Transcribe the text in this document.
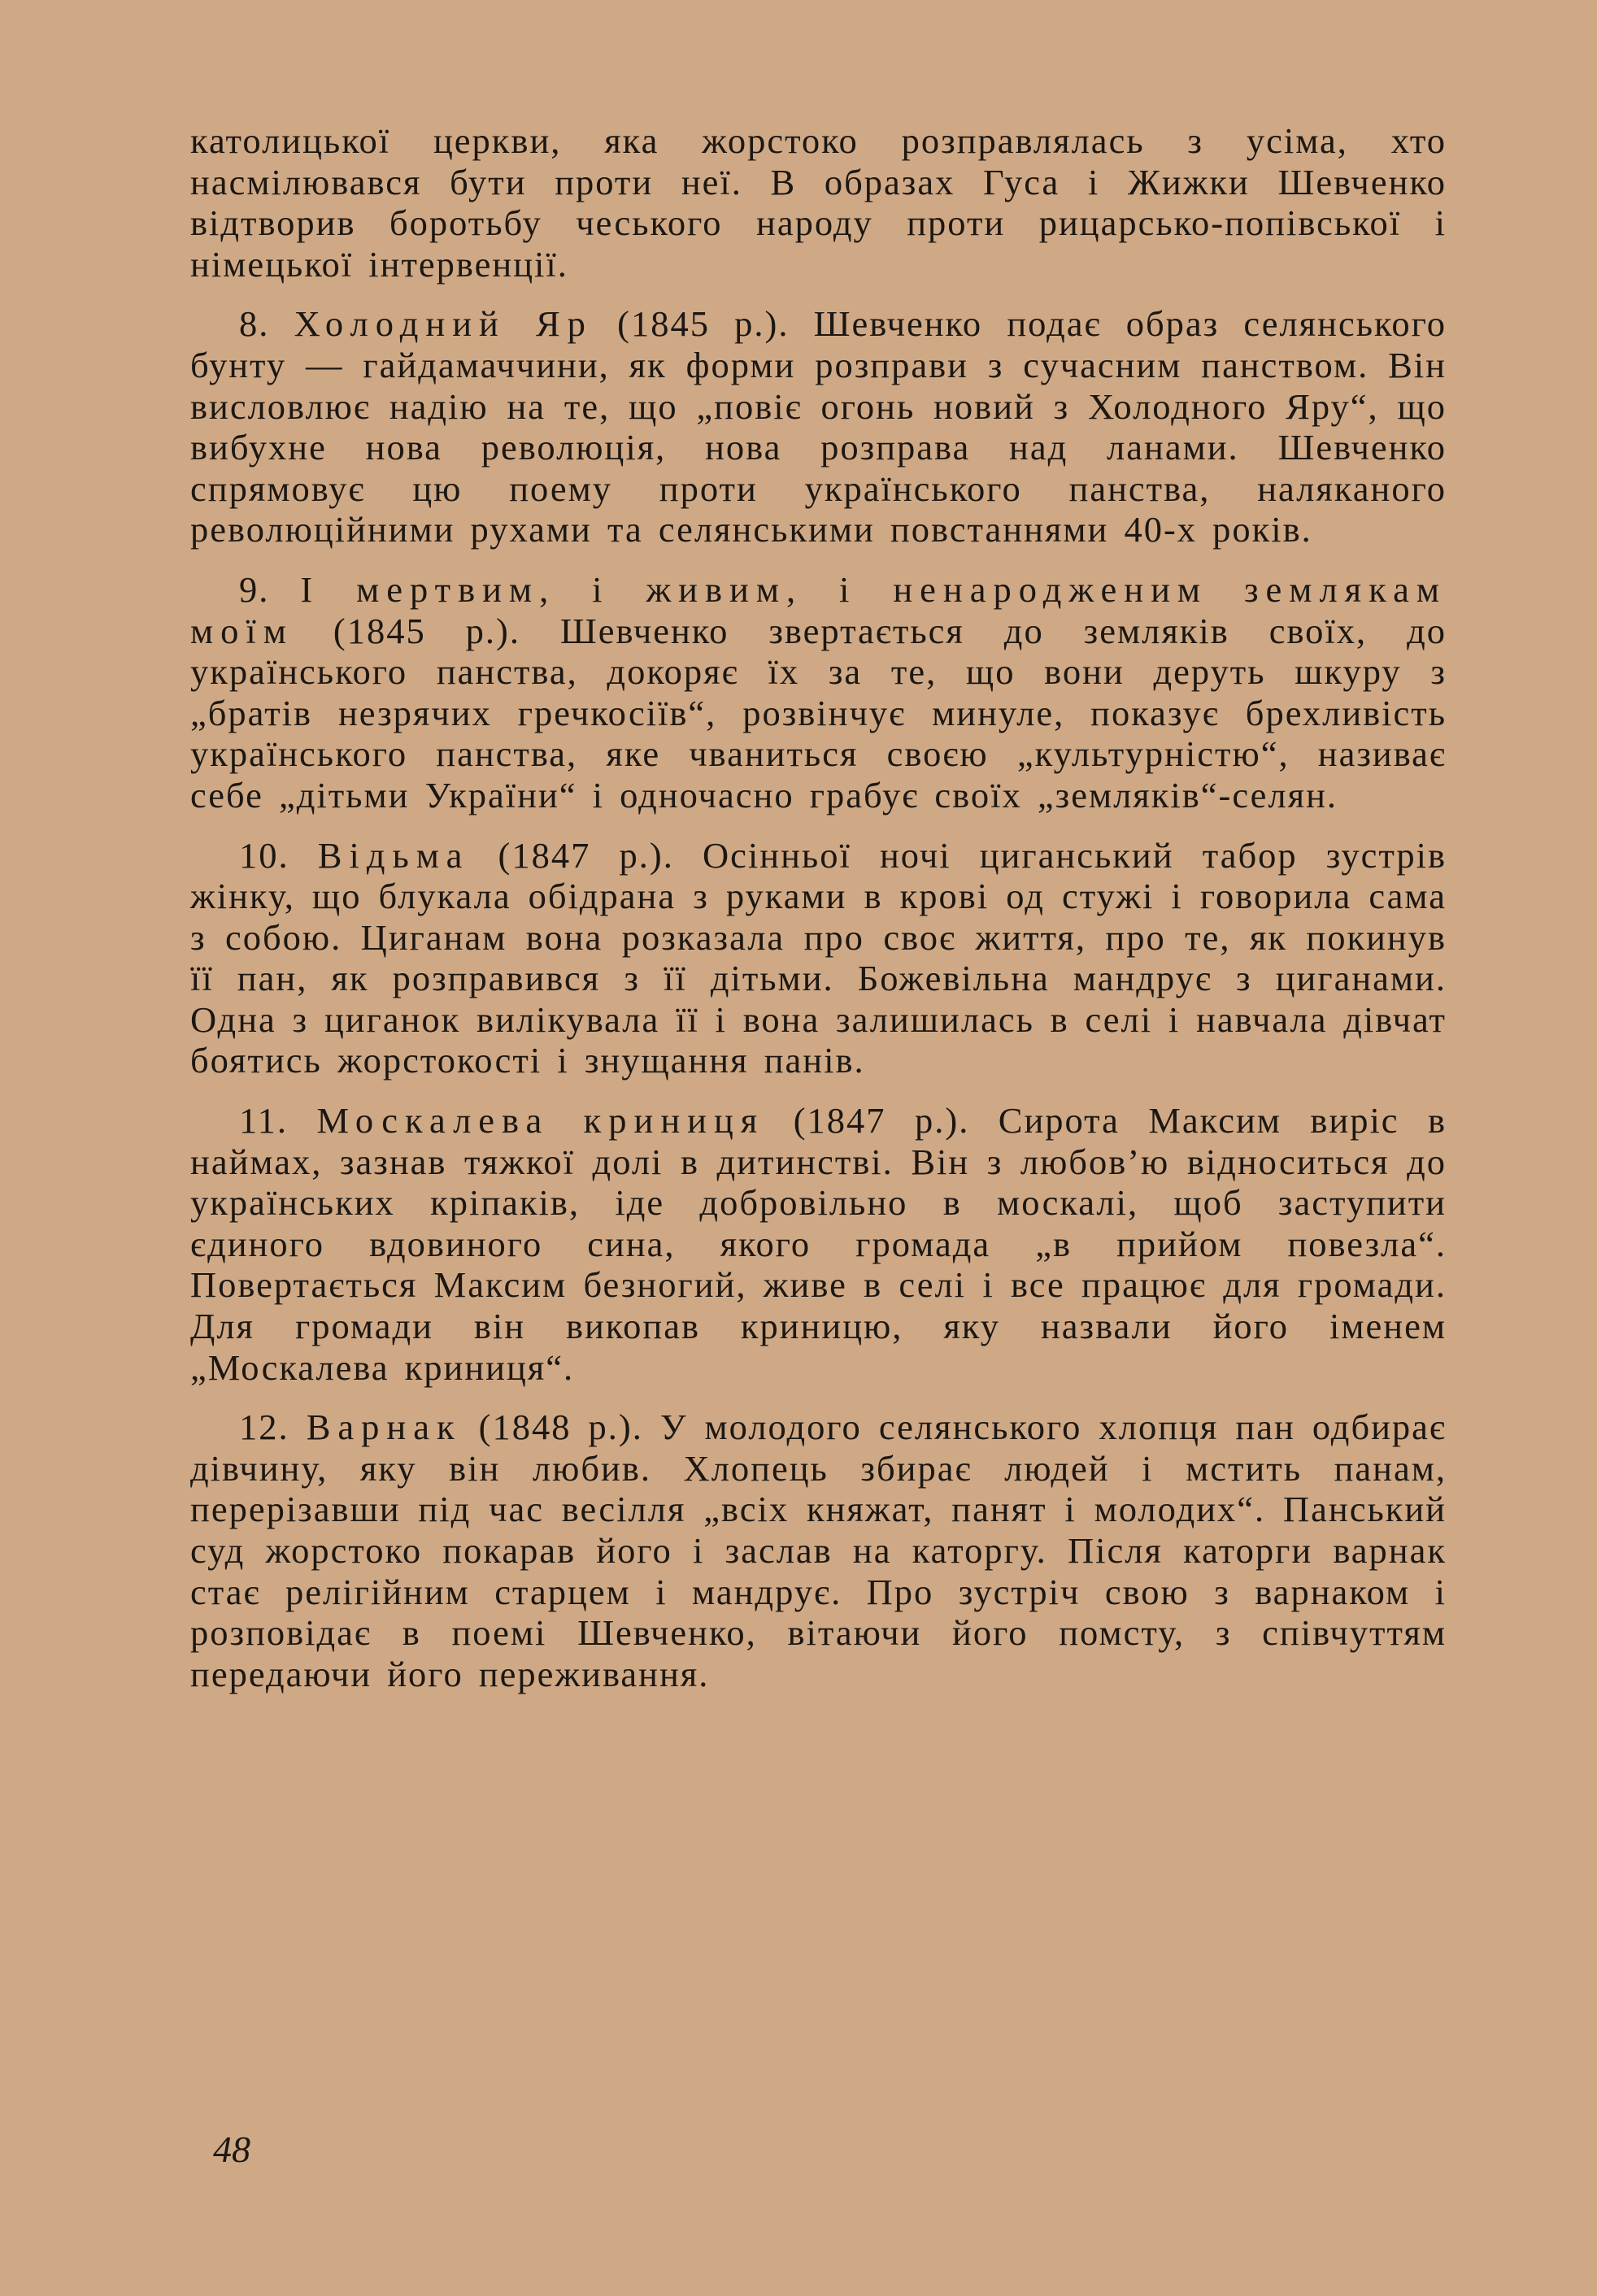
католицької церкви, яка жорстоко розправлялась з усіма, хто насмілювався бути проти неї. В образах Гуса і Жижки Шевченко відтворив боротьбу чеського народу проти рицарсько-попівської і німецької інтервенції.

8. Холодний Яр (1845 р.). Шевченко подає образ селянського бунту — гайдамаччини, як форми розправи з сучасним панством. Він висловлює надію на те, що „повіє огонь новий з Холодного Яру“, що вибухне нова революція, нова розправа над ланами. Шевченко спрямовує цю поему проти українського панства, наляканого революційними рухами та селянськими повстаннями 40-х років.

9. І мертвим, і живим, і ненародженим землякам моїм (1845 р.). Шевченко звертається до земляків своїх, до українського панства, докоряє їх за те, що вони деруть шкуру з „братів незрячих гречкосіїв“, розвінчує минуле, показує брехливість українського панства, яке чваниться своєю „культурністю“, називає себе „дітьми України“ і одночасно грабує своїх „земляків“-селян.

10. Відьма (1847 р.). Осінньої ночі циганський табор зустрів жінку, що блукала обідрана з руками в крові од стужі і говорила сама з собою. Циганам вона розказала про своє життя, про те, як покинув її пан, як розправився з її дітьми. Божевільна мандрує з циганами. Одна з циганок вилікувала її і вона залишилась в селі і навчала дівчат боятись жорстокості і знущання панів.

11. Москалева криниця (1847 р.). Сирота Максим виріс в наймах, зазнав тяжкої долі в дитинстві. Він з любов’ю відноситься до українських кріпаків, іде добровільно в москалі, щоб заступити єдиного вдовиного сина, якого громада „в прийом повезла“. Повертається Максим безногий, живе в селі і все працює для громади. Для громади він викопав криницю, яку назвали його іменем „Москалева криниця“.

12. Варнак (1848 р.). У молодого селянського хлопця пан одбирає дівчину, яку він любив. Хлопець збирає людей і мстить панам, перерізавши під час весілля „всіх княжат, панят і молодих“. Панський суд жорстоко покарав його і заслав на каторгу. Після каторги варнак стає релігійним старцем і мандрує. Про зустріч свою з варнаком і розповідає в поемі Шевченко, вітаючи його помсту, з співчуттям передаючи його переживання.

48
